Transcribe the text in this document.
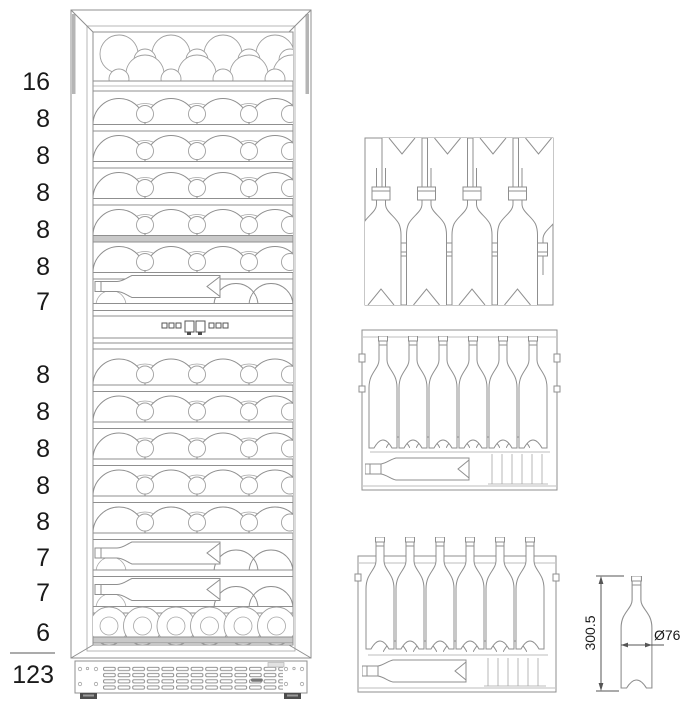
16
8
8
8
8
8
7
8
8
8
8
8
7
7
6
123
300.5	Ø76
